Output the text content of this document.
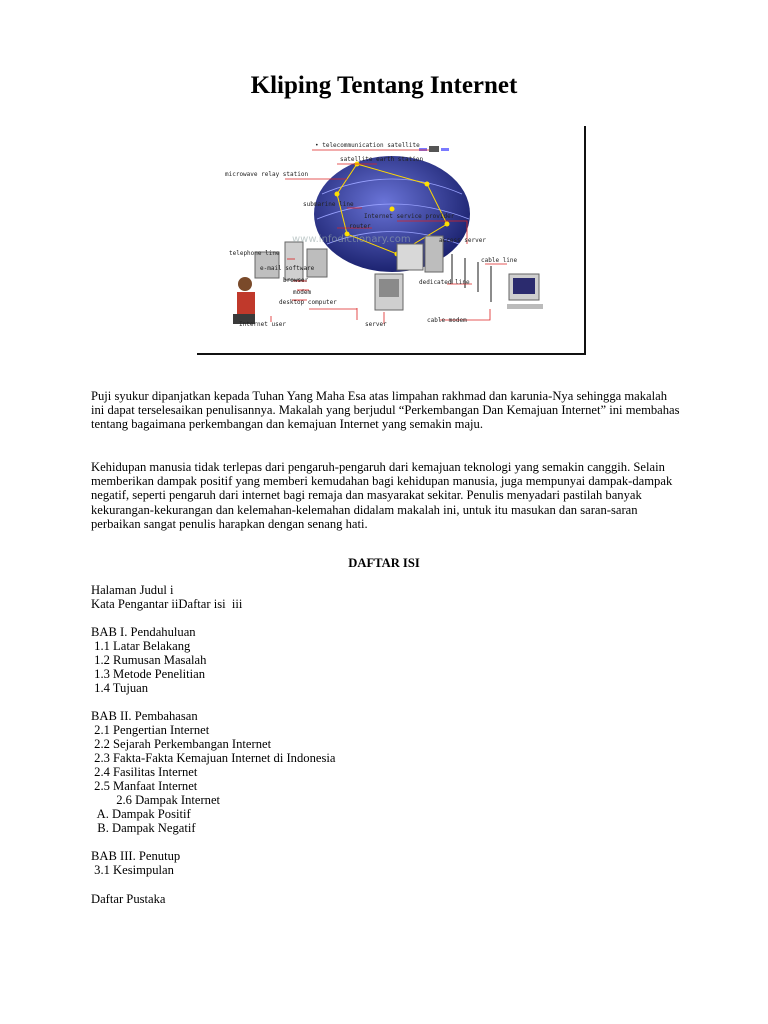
Kliping Tentang Internet
• telecommunication satellite
satellite earth station
microwave relay station
submarine line
Internet service provider
router
access server
telephone line
e-mail software
browser
modem
desktop computer
Internet user	server
cable line
dedicated line
cable modem
www.infodictionary.com

Puji syukur dipanjatkan kepada Tuhan Yang Maha Esa atas limpahan rakhmad dan karunia-Nya sehingga makalah ini dapat terselesaikan penulisannya. Makalah yang berjudul “Perkembangan Dan Kemajuan Internet” ini membahas tentang bagaimana perkembangan dan kemajuan Internet yang semakin maju.

Kehidupan manusia tidak terlepas dari pengaruh-pengaruh dari kemajuan teknologi yang semakin canggih. Selain memberikan dampak positif yang memberi kemudahan bagi kehidupan manusia, juga mempunyai dampak-dampak negatif, seperti pengaruh dari internet bagi remaja dan masyarakat sekitar. Penulis menyadari pastilah banyak kekurangan-kekurangan dan kelemahan-kelemahan didalam makalah ini, untuk itu masukan dan saran-saran perbaikan sangat penulis harapkan dengan senang hati.

DAFTAR ISI
Halaman Judul i
Kata Pengantar iiDaftar isi  iii
BAB I. Pendahuluan
1.1 Latar Belakang
1.2 Rumusan Masalah
1.3 Metode Penelitian
1.4 Tujuan
BAB II. Pembahasan
2.1 Pengertian Internet
2.2 Sejarah Perkembangan Internet
2.3 Fakta-Fakta Kemajuan Internet di Indonesia
2.4 Fasilitas Internet
2.5 Manfaat Internet
2.6 Dampak Internet
A. Dampak Positif
B. Dampak Negatif
BAB III. Penutup
3.1 Kesimpulan
Daftar Pustaka
